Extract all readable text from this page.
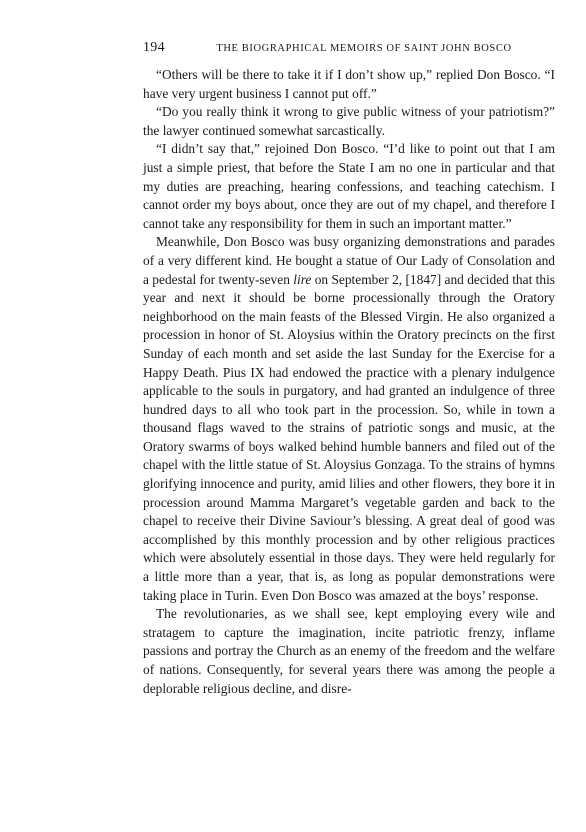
194	THE BIOGRAPHICAL MEMOIRS OF SAINT JOHN BOSCO

“Others will be there to take it if I don’t show up,” replied Don Bosco. “I have very urgent business I cannot put off.”

“Do you really think it wrong to give public witness of your patriotism?” the lawyer continued somewhat sarcastically.

“I didn’t say that,” rejoined Don Bosco. “I’d like to point out that I am just a simple priest, that before the State I am no one in particular and that my duties are preaching, hearing confessions, and teaching catechism. I cannot order my boys about, once they are out of my chapel, and therefore I cannot take any responsibility for them in such an important matter.”

Meanwhile, Don Bosco was busy organizing demonstrations and parades of a very different kind. He bought a statue of Our Lady of Consolation and a pedestal for twenty-seven lire on September 2, [1847] and decided that this year and next it should be borne processionally through the Oratory neighborhood on the main feasts of the Blessed Virgin. He also organized a procession in honor of St. Aloysius within the Oratory precincts on the first Sunday of each month and set aside the last Sunday for the Exercise for a Happy Death. Pius IX had endowed the practice with a plenary indulgence applicable to the souls in purgatory, and had granted an indulgence of three hundred days to all who took part in the procession. So, while in town a thousand flags waved to the strains of patriotic songs and music, at the Oratory swarms of boys walked behind humble banners and filed out of the chapel with the little statue of St. Aloysius Gonzaga. To the strains of hymns glorifying innocence and purity, amid lilies and other flowers, they bore it in procession around Mamma Margaret’s vegetable garden and back to the chapel to receive their Divine Saviour’s blessing. A great deal of good was accomplished by this monthly procession and by other religious practices which were absolutely essential in those days. They were held regularly for a little more than a year, that is, as long as popular demonstrations were taking place in Turin. Even Don Bosco was amazed at the boys’ response.

The revolutionaries, as we shall see, kept employing every wile and stratagem to capture the imagination, incite patriotic frenzy, inflame passions and portray the Church as an enemy of the freedom and the welfare of nations. Consequently, for several years there was among the people a deplorable religious decline, and disre-
